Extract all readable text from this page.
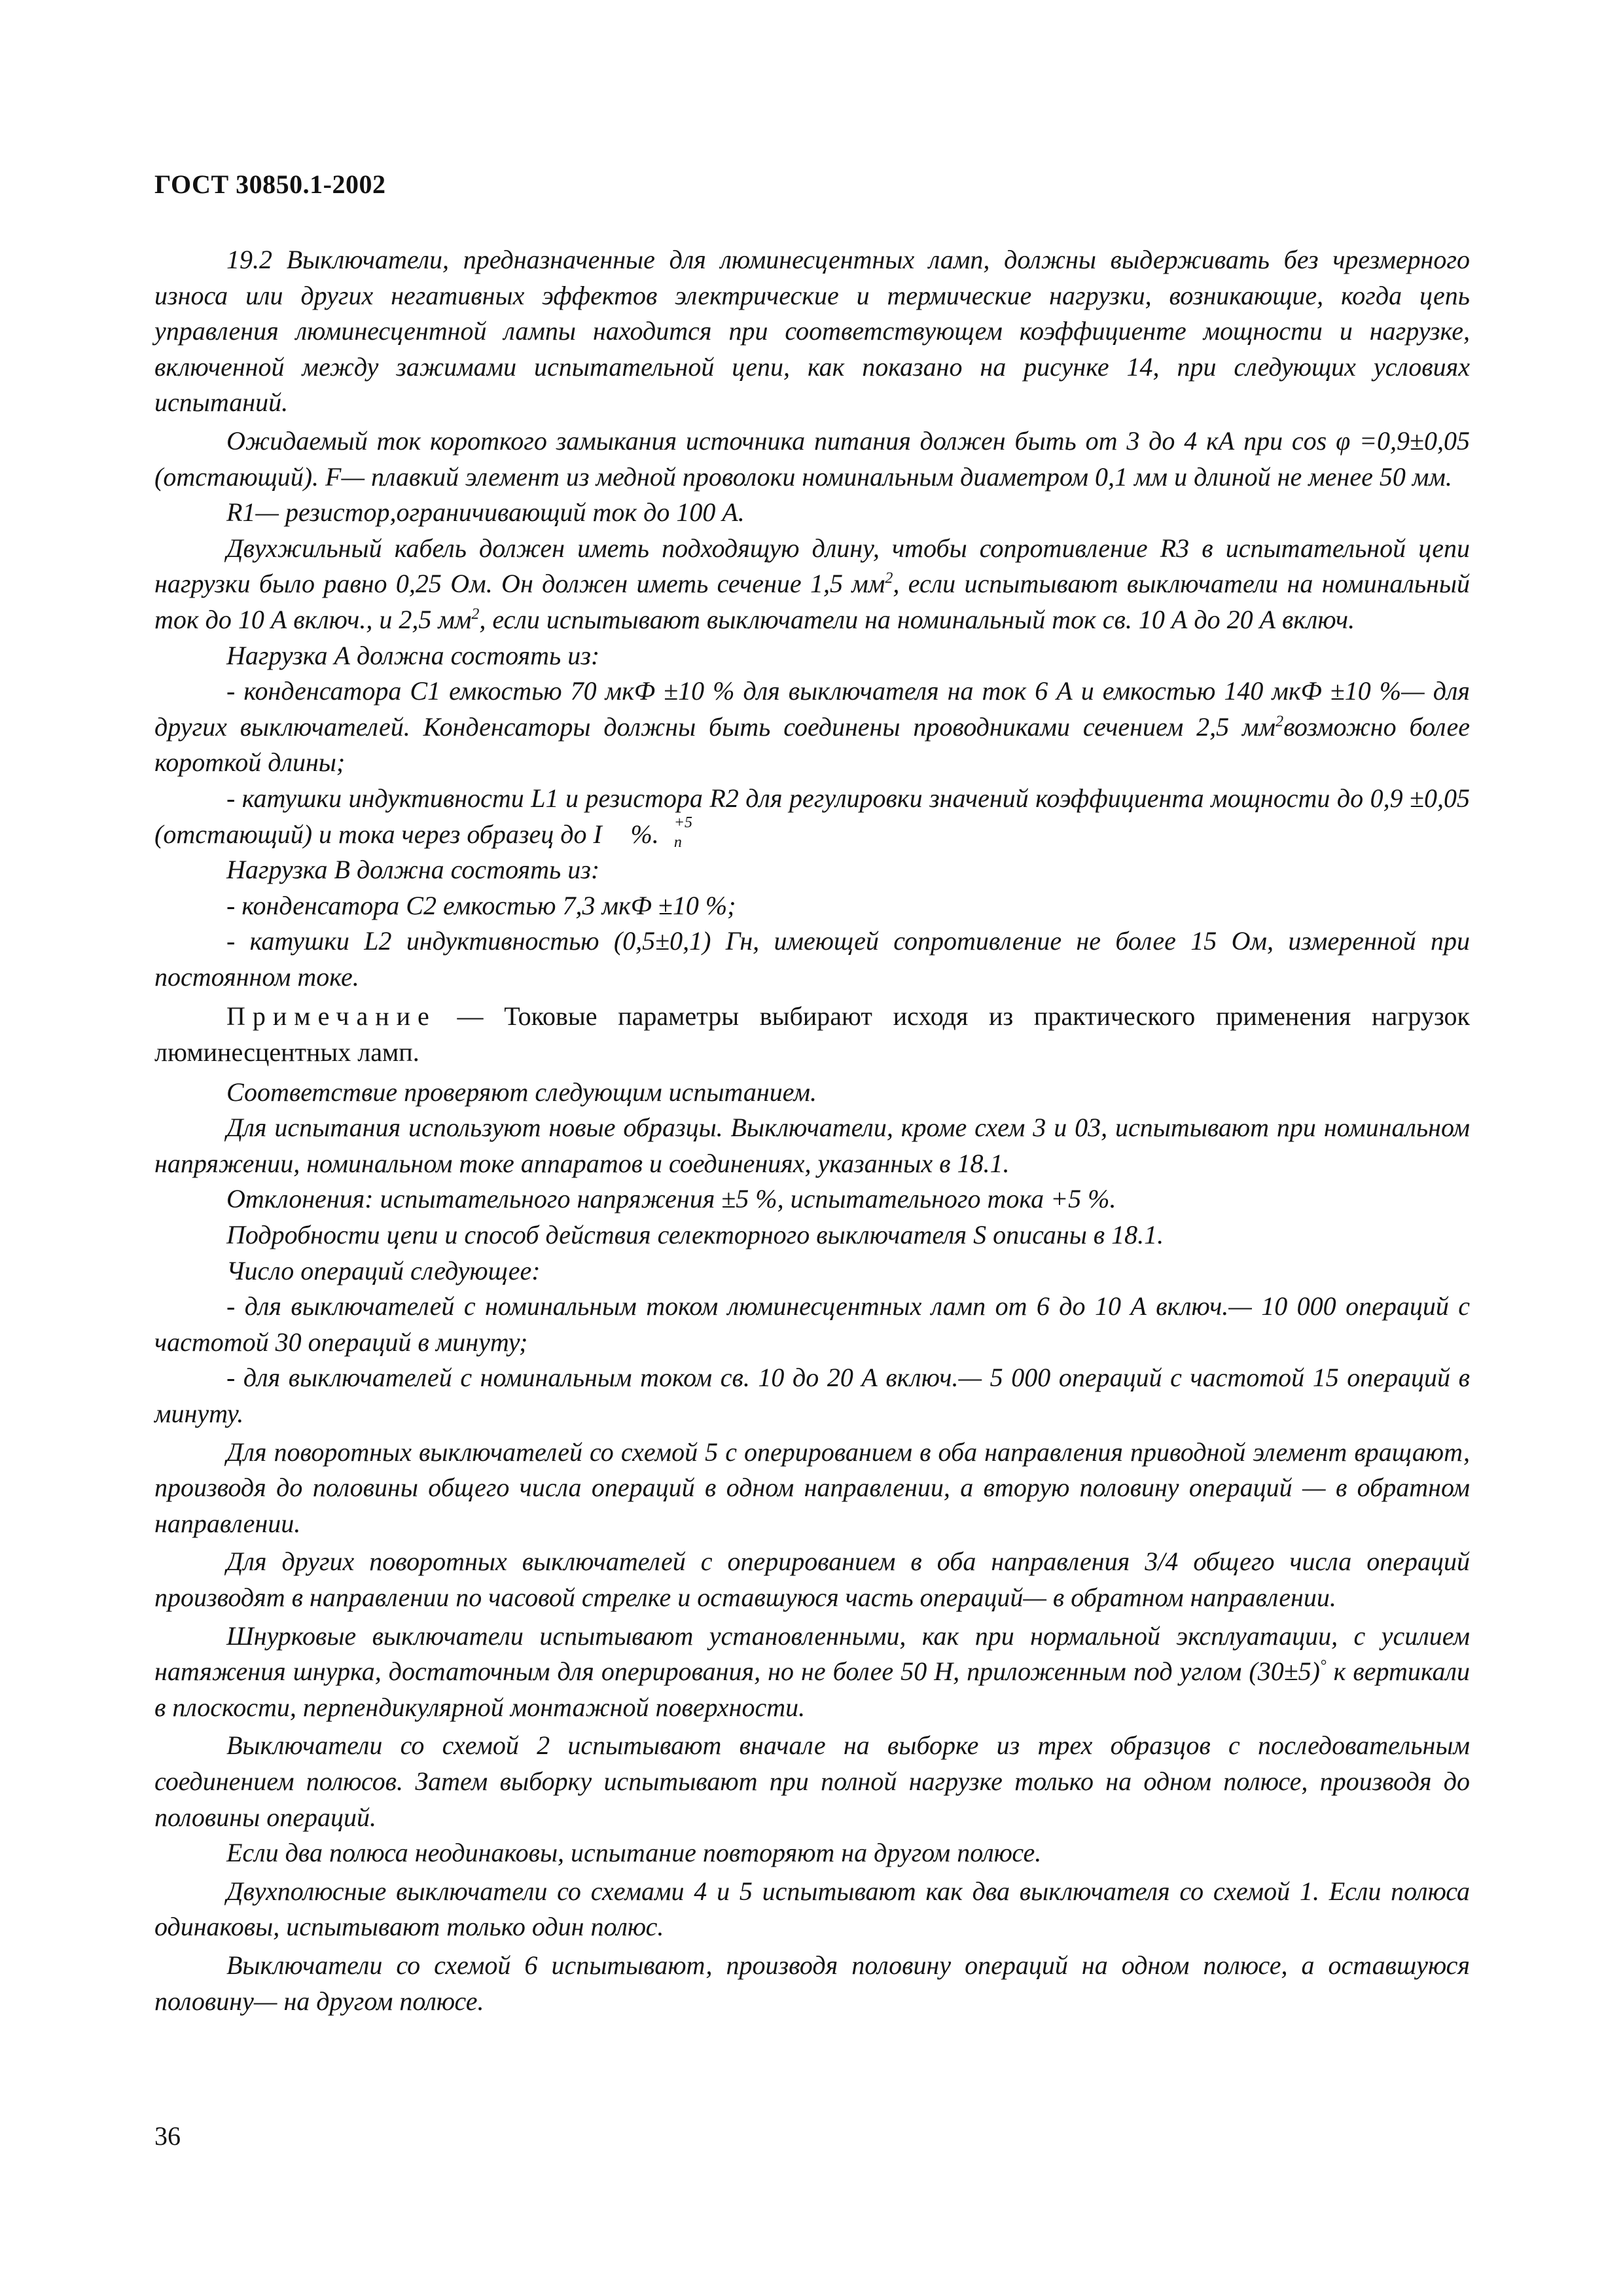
ГОСТ 30850.1-2002

19.2 Выключатели, предназначенные для люминесцентных ламп, должны выдерживать без чрезмерного износа или других негативных эффектов электрические и термические нагрузки, возникающие, когда цепь управления люминесцентной лампы находится при соответствующем коэффициенте мощности и нагрузке, включенной между зажимами испытательной цепи, как показано на рисунке 14, при следующих условиях испытаний.

Ожидаемый ток короткого замыкания источника питания должен быть от 3 до 4 кА при cos φ =0,9±0,05 (отстающий). F— плавкий элемент из медной проволоки номинальным диаметром 0,1 мм и длиной не менее 50 мм.

R1— резистор,ограничивающий ток до 100 А.

Двухжильный кабель должен иметь подходящую длину, чтобы сопротивление R3 в испытательной цепи нагрузки было равно 0,25 Ом. Он должен иметь сечение 1,5 $мм^2$, если испытывают выключатели на номинальный ток до 10 А включ., и 2,5 $мм^2$, если испытывают выключатели на номинальный ток св. 10 А до 20 А включ.

Нагрузка А должна состоять из:

- конденсатора С1 емкостью 70 мкФ ±10 % для выключателя на ток 6 А и емкостью 140 мкФ ±10 %— для других выключателей. Конденсаторы должны быть соединены проводниками сечением 2,5 $мм^2возможно$ более короткой длины;

- катушки индуктивности L1 и резистора R2 для регулировки значений коэффициента мощности до 0,9 ±0,05 (отстающий) и тока через образец до I	+5
n
%.

Нагрузка В должна состоять из:

- конденсатора С2 емкостью 7,3 мкФ ±10 %;

- катушки L2 индуктивностью (0,5±0,1) Гн, имеющей сопротивление не более 15 Ом, измеренной при постоянном токе.

Примечание — Токовые параметры выбирают исходя из практического применения нагрузок люминесцентных ламп.

Соответствие проверяют следующим испытанием.

Для испытания используют новые образцы. Выключатели, кроме схем 3 и 03, испытывают при номинальном напряжении, номинальном токе аппаратов и соединениях, указанных в 18.1.

Отклонения: испытательного напряжения ±5 %, испытательного тока +5 %.

Подробности цепи и способ действия селекторного выключателя S описаны в 18.1.

Число операций следующее:

- для выключателей с номинальным током люминесцентных ламп от 6 до 10 А включ.— 10 000 операций с частотой 30 операций в минуту;

- для выключателей с номинальным током св. 10 до 20 А включ.— 5 000 операций с частотой 15 операций в минуту.

Для поворотных выключателей со схемой 5 с оперированием в оба направления приводной элемент вращают, производя до половины общего числа операций в одном направлении, а вторую половину операций — в обратном направлении.

Для других поворотных выключателей с оперированием в оба направления 3/4 общего числа операций производят в направлении по часовой стрелке и оставшуюся часть операций— в обратном направлении.

Шнурковые выключатели испытывают установленными, как при нормальной эксплуатации, с усилием натяжения шнурка, достаточным для оперирования, но не более 50 Н, приложенным под углом (30±5)° к вертикали в плоскости, перпендикулярной монтажной поверхности.

Выключатели со схемой 2 испытывают вначале на выборке из трех образцов с последовательным соединением полюсов. Затем выборку испытывают при полной нагрузке только на одном полюсе, производя до половины операций.

Если два полюса неодинаковы, испытание повторяют на другом полюсе.

Двухполюсные выключатели со схемами 4 и 5 испытывают как два выключателя со схемой 1. Если полюса одинаковы, испытывают только один полюс.

Выключатели со схемой 6 испытывают, производя половину операций на одном полюсе, а оставшуюся половину— на другом полюсе.

36
